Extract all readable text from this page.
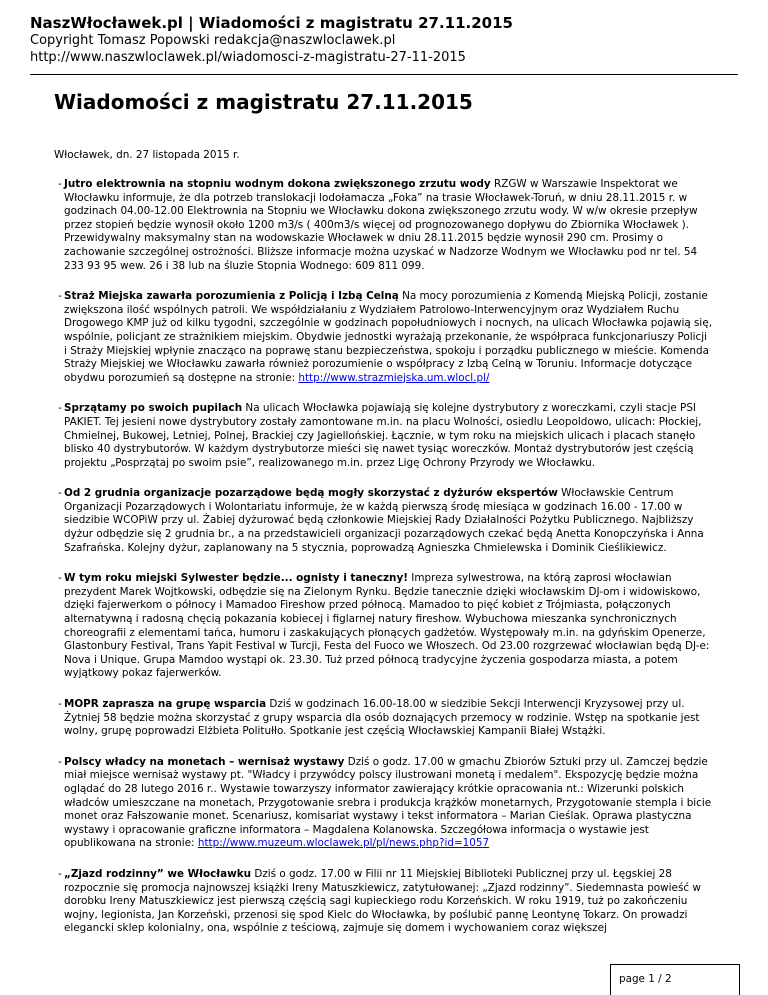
NaszWłocławek.pl | Wiadomości z magistratu 27.11.2015
Copyright Tomasz Popowski redakcja@naszwloclawek.pl
http://www.naszwloclawek.pl/wiadomosci-z-magistratu-27-11-2015
Wiadomości z magistratu 27.11.2015
Włocławek, dn. 27 listopada 2015 r.

- Jutro elektrownia na stopniu wodnym dokona zwiększonego zrzutu wody RZGW w Warszawie Inspektorat we Włocławku informuje, że dla potrzeb translokacji lodołamacza „Foka” na trasie Włocławek-Toruń, w dniu 28.11.2015 r. w godzinach 04.00-12.00 Elektrownia na Stopniu we Włocławku dokona zwiększonego zrzutu wody. W w/w okresie przepływ przez stopień będzie wynosił około 1200 m3/s ( 400m3/s więcej od prognozowanego dopływu do Zbiornika Włocławek ). Przewidywalny maksymalny stan na wodowskazie Włocławek w dniu 28.11.2015 będzie wynosił 290 cm. Prosimy o zachowanie szczególnej ostrożności. Bliższe informacje można uzyskać w Nadzorze Wodnym we Włocławku pod nr tel. 54 233 93 95 wew. 26 i 38 lub na śluzie Stopnia Wodnego: 609 811 099.

- Straż Miejska zawarła porozumienia z Policją i Izbą Celną Na mocy porozumienia z Komendą Miejską Policji, zostanie zwiększona ilość wspólnych patroli. We współdziałaniu z Wydziałem Patrolowo-Interwencyjnym oraz Wydziałem Ruchu Drogowego KMP już od kilku tygodni, szczególnie w godzinach popołudniowych i nocnych, na ulicach Włocławka pojawią się, wspólnie, policjant ze strażnikiem miejskim. Obydwie jednostki wyrażają przekonanie, że współpraca funkcjonariuszy Policji i Straży Miejskiej wpłynie znacząco na poprawę stanu bezpieczeństwa, spokoju i porządku publicznego w mieście. Komenda Straży Miejskiej we Włocławku zawarła również porozumienie o współpracy z Izbą Celną w Toruniu. Informacje dotyczące obydwu porozumień są dostępne na stronie: http://www.strazmiejska.um.wlocl.pl/

- Sprzątamy po swoich pupilach Na ulicach Włocławka pojawiają się kolejne dystrybutory z woreczkami, czyli stacje PSI PAKIET. Tej jesieni nowe dystrybutory zostały zamontowane m.in. na placu Wolności, osiedlu Leopoldowo, ulicach: Płockiej, Chmielnej, Bukowej, Letniej, Polnej, Brackiej czy Jagiellońskiej. Łącznie, w tym roku na miejskich ulicach i placach stanęło blisko 40 dystrybutorów. W każdym dystrybutorze mieści się nawet tysiąc woreczków. Montaż dystrybutorów jest częścią projektu „Posprzątaj po swoim psie”, realizowanego m.in. przez Ligę Ochrony Przyrody we Włocławku.

- Od 2 grudnia organizacje pozarządowe będą mogły skorzystać z dyżurów ekspertów Włocławskie Centrum Organizacji Pozarządowych i Wolontariatu informuje, że w każdą pierwszą środę miesiąca w godzinach 16.00 - 17.00 w siedzibie WCOPiW przy ul. Żabiej dyżurować będą członkowie Miejskiej Rady Działalności Pożytku Publicznego. Najbliższy dyżur odbędzie się 2 grudnia br., a na przedstawicieli organizacji pozarządowych czekać będą Anetta Konopczyńska i Anna Szafrańska. Kolejny dyżur, zaplanowany na 5 stycznia, poprowadzą Agnieszka Chmielewska i Dominik Cieślikiewicz.

- W tym roku miejski Sylwester będzie... ognisty i taneczny! Impreza sylwestrowa, na którą zaprosi włocławian prezydent Marek Wojtkowski, odbędzie się na Zielonym Rynku. Będzie tanecznie dzięki włocławskim DJ-om i widowiskowo, dzięki fajerwerkom o północy i Mamadoo Fireshow przed północą. Mamadoo to pięć kobiet z Trójmiasta, połączonych alternatywną i radosną chęcią pokazania kobiecej i figlarnej natury fireshow. Wybuchowa mieszanka synchronicznych choreografii z elementami tańca, humoru i zaskakujących płonących gadżetów. Występowały m.in. na gdyńskim Openerze, Glastonbury Festival, Trans Yapit Festival w Turcji, Festa del Fuoco we Włoszech. Od 23.00 rozgrzewać włocławian będą DJ-e: Nova i Unique. Grupa Mamdoo wystąpi ok. 23.30. Tuż przed północą tradycyjne życzenia gospodarza miasta, a potem wyjątkowy pokaz fajerwerków.

- MOPR zaprasza na grupę wsparcia Dziś w godzinach 16.00-18.00 w siedzibie Sekcji Interwencji Kryzysowej przy ul. Żytniej 58 będzie można skorzystać z grupy wsparcia dla osób doznających przemocy w rodzinie. Wstęp na spotkanie jest wolny, grupę poprowadzi Elżbieta Politułło. Spotkanie jest częścią Włocławskiej Kampanii Białej Wstążki.

- Polscy władcy na monetach – wernisaż wystawy Dziś o godz. 17.00 w gmachu Zbiorów Sztuki przy ul. Zamczej będzie miał miejsce wernisaż wystawy pt. "Władcy i przywódcy polscy ilustrowani monetą i medalem". Ekspozycję będzie można oglądać do 28 lutego 2016 r.. Wystawie towarzyszy informator zawierający krótkie opracowania nt.: Wizerunki polskich władców umieszczane na monetach, Przygotowanie srebra i produkcja krążków monetarnych, Przygotowanie stempla i bicie monet oraz Fałszowanie monet. Scenariusz, komisariat wystawy i tekst informatora – Marian Cieślak. Oprawa plastyczna wystawy i opracowanie graficzne informatora – Magdalena Kolanowska. Szczegółowa informacja o wystawie jest opublikowana na stronie: http://www.muzeum.wloclawek.pl/pl/news.php?id=1057

- „Zjazd rodzinny” we Włocławku Dziś o godz. 17.00 w Filii nr 11 Miejskiej Biblioteki Publicznej przy ul. Łęgskiej 28 rozpocznie się promocja najnowszej książki Ireny Matuszkiewicz, zatytułowanej: „Zjazd rodzinny”. Siedemnasta powieść w dorobku Ireny Matuszkiewicz jest pierwszą częścią sagi kupieckiego rodu Korzeńskich. W roku 1919, tuż po zakończeniu wojny, legionista, Jan Korzeński, przenosi się spod Kielc do Włocławka, by poślubić pannę Leontynę Tokarz. On prowadzi elegancki sklep kolonialny, ona, wspólnie z teściową, zajmuje się domem i wychowaniem coraz większej

page 1 / 2
